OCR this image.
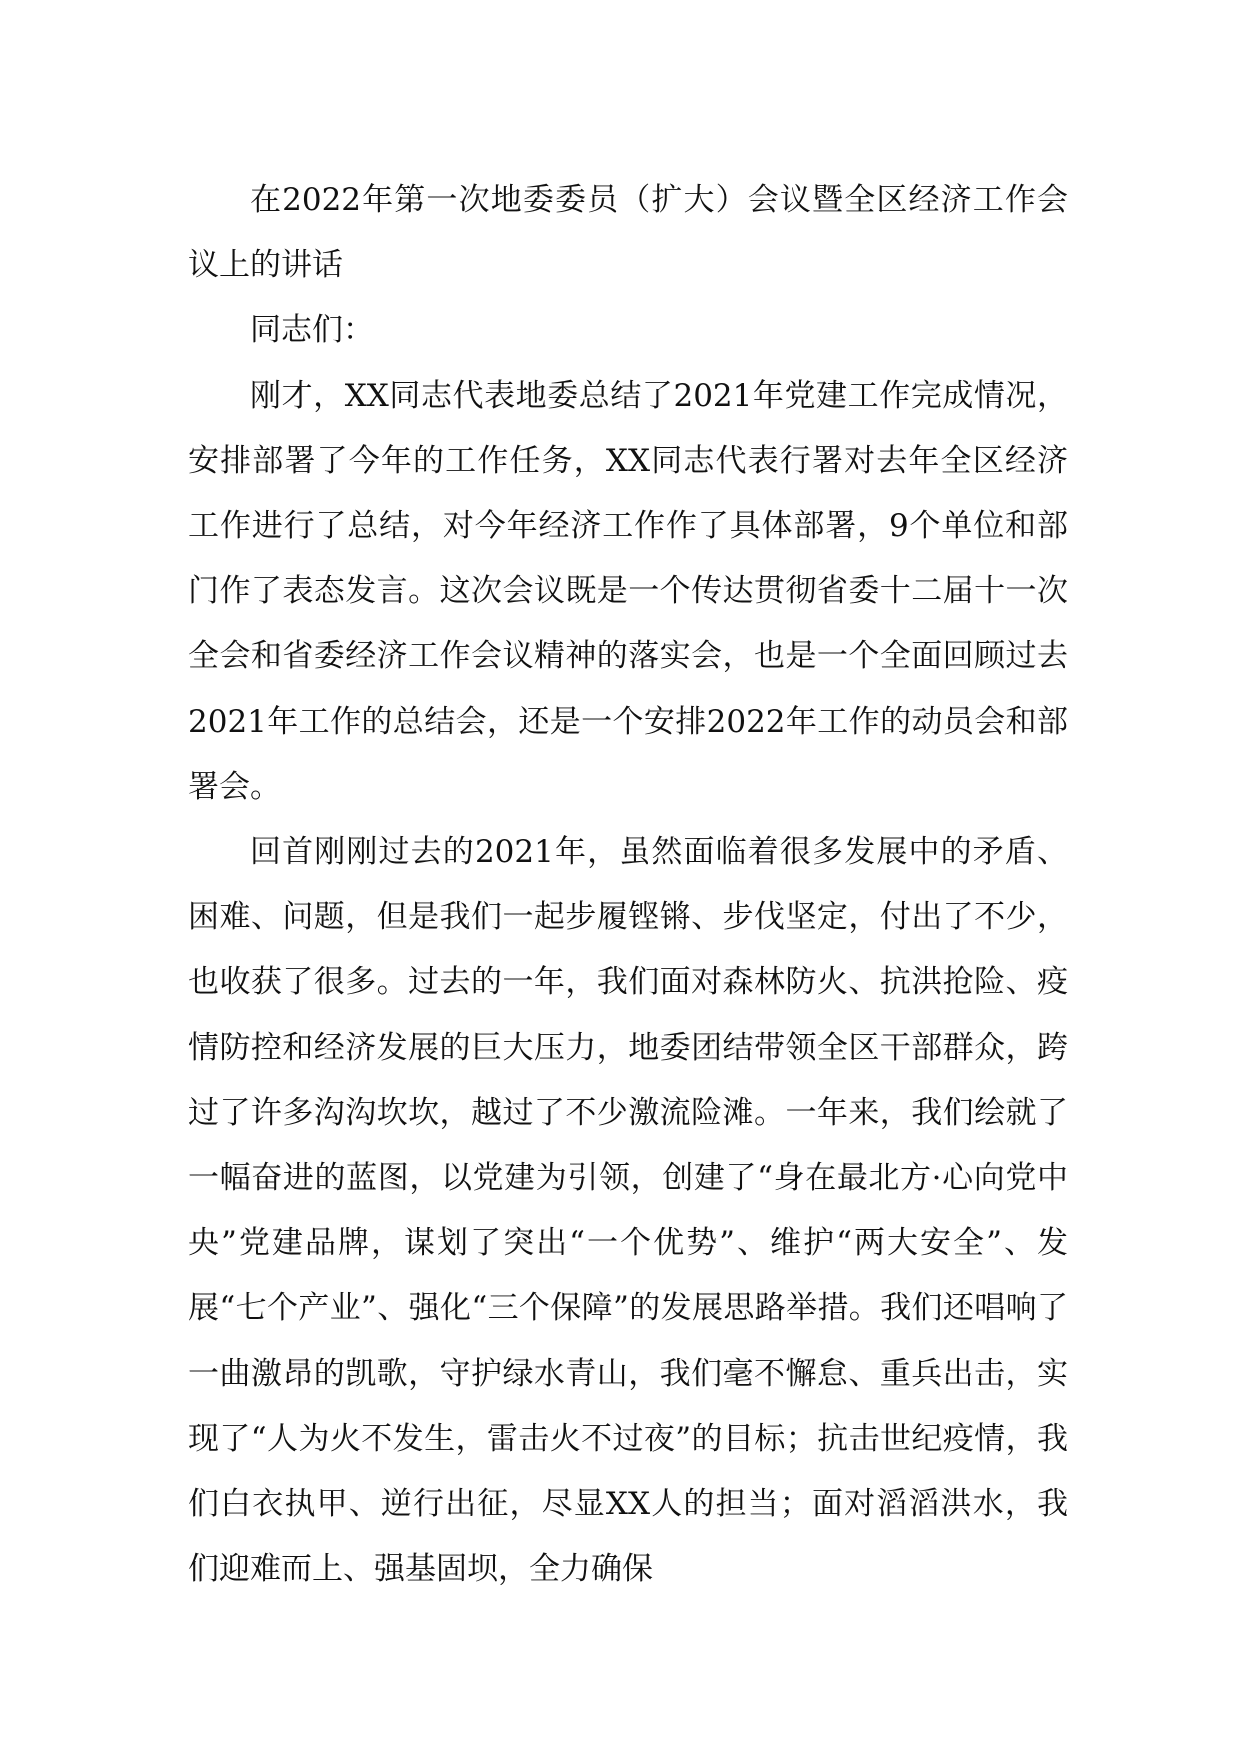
在2022年第一次地委委员（扩大）会议暨全区经济工作会议上的讲话

同志们：

刚才，XX同志代表地委总结了2021年党建工作完成情况，安排部署了今年的工作任务，XX同志代表行署对去年全区经济工作进行了总结，对今年经济工作作了具体部署，9个单位和部门作了表态发言。这次会议既是一个传达贯彻省委十二届十一次全会和省委经济工作会议精神的落实会，也是一个全面回顾过去2021年工作的总结会，还是一个安排2022年工作的动员会和部署会。

回首刚刚过去的2021年，虽然面临着很多发展中的矛盾、困难、问题，但是我们一起步履铿锵、步伐坚定，付出了不少，也收获了很多。过去的一年，我们面对森林防火、抗洪抢险、疫情防控和经济发展的巨大压力，地委团结带领全区干部群众，跨过了许多沟沟坎坎，越过了不少激流险滩。一年来，我们绘就了一幅奋进的蓝图，以党建为引领，创建了“身在最北方·心向党中央”党建品牌，谋划了突出“一个优势”、维护“两大安全”、发展“七个产业”、强化“三个保障”的发展思路举措。我们还唱响了一曲激昂的凯歌，守护绿水青山，我们毫不懈怠、重兵出击，实现了“人为火不发生，雷击火不过夜”的目标；抗击世纪疫情，我们白衣执甲、逆行出征，尽显XX人的担当；面对滔滔洪水，我们迎难而上、强基固坝，全力确保
